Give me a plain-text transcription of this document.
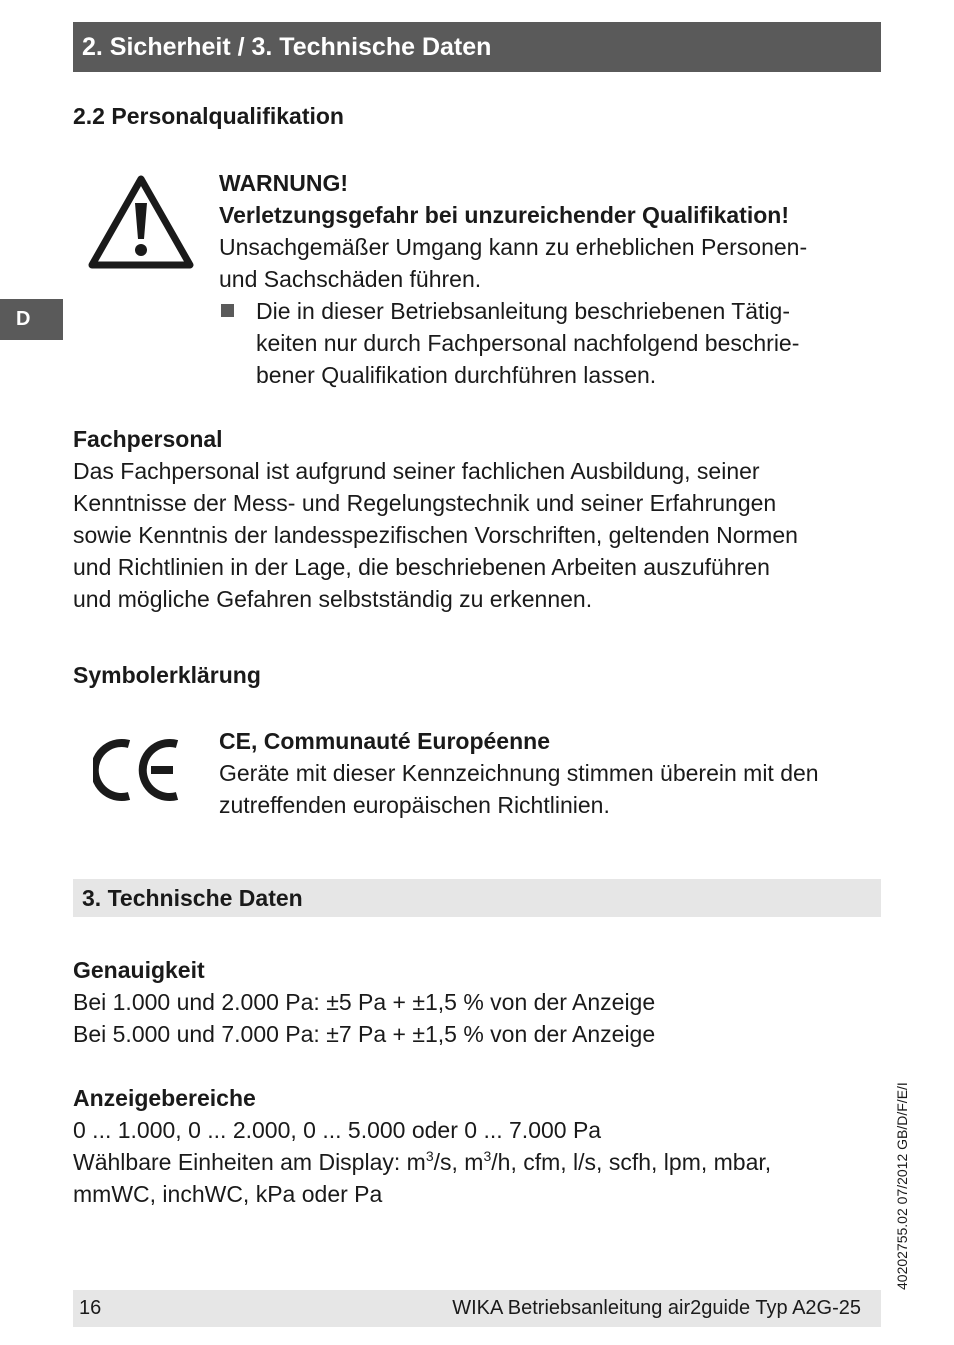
2. Sicherheit / 3. Technische Daten
D
2.2 Personalqualifikation
WARNUNG!
Verletzungsgefahr bei unzureichender Qualifikation!
Unsachgemäßer Umgang kann zu erheblichen Personen-
und Sachschäden führen.
Die in dieser Betriebsanleitung beschriebenen Tätig-
keiten nur durch Fachpersonal nachfolgend beschrie-
bener Qualifikation durchführen lassen.
Fachpersonal
Das Fachpersonal ist aufgrund seiner fachlichen Ausbildung, seiner
Kenntnisse der Mess- und Regelungstechnik und seiner Erfahrungen
sowie Kenntnis der landesspezifischen Vorschriften, geltenden Normen
und Richtlinien in der Lage, die beschriebenen Arbeiten auszuführen
und mögliche Gefahren selbstständig zu erkennen.
Symbolerklärung
CE, Communauté Européenne
Geräte mit dieser Kennzeichnung stimmen überein mit den
zutreffenden europäischen Richtlinien.
3. Technische Daten
Genauigkeit
Bei 1.000 und 2.000 Pa: ±5 Pa + ±1,5 % von der Anzeige
Bei 5.000 und 7.000 Pa: ±7 Pa + ±1,5 % von der Anzeige
Anzeigebereiche
0 ... 1.000, 0 ... 2.000, 0 ... 5.000 oder 0 ... 7.000 Pa
Wählbare Einheiten am Display: $m^3/s$, $m^3/h$, cfm, l/s, scfh, lpm, mbar,
mmWC, inchWC, kPa oder Pa	40202755.02 07/2012 GB/D/F/E/I
16	WIKA Betriebsanleitung air2guide Typ A2G-25
